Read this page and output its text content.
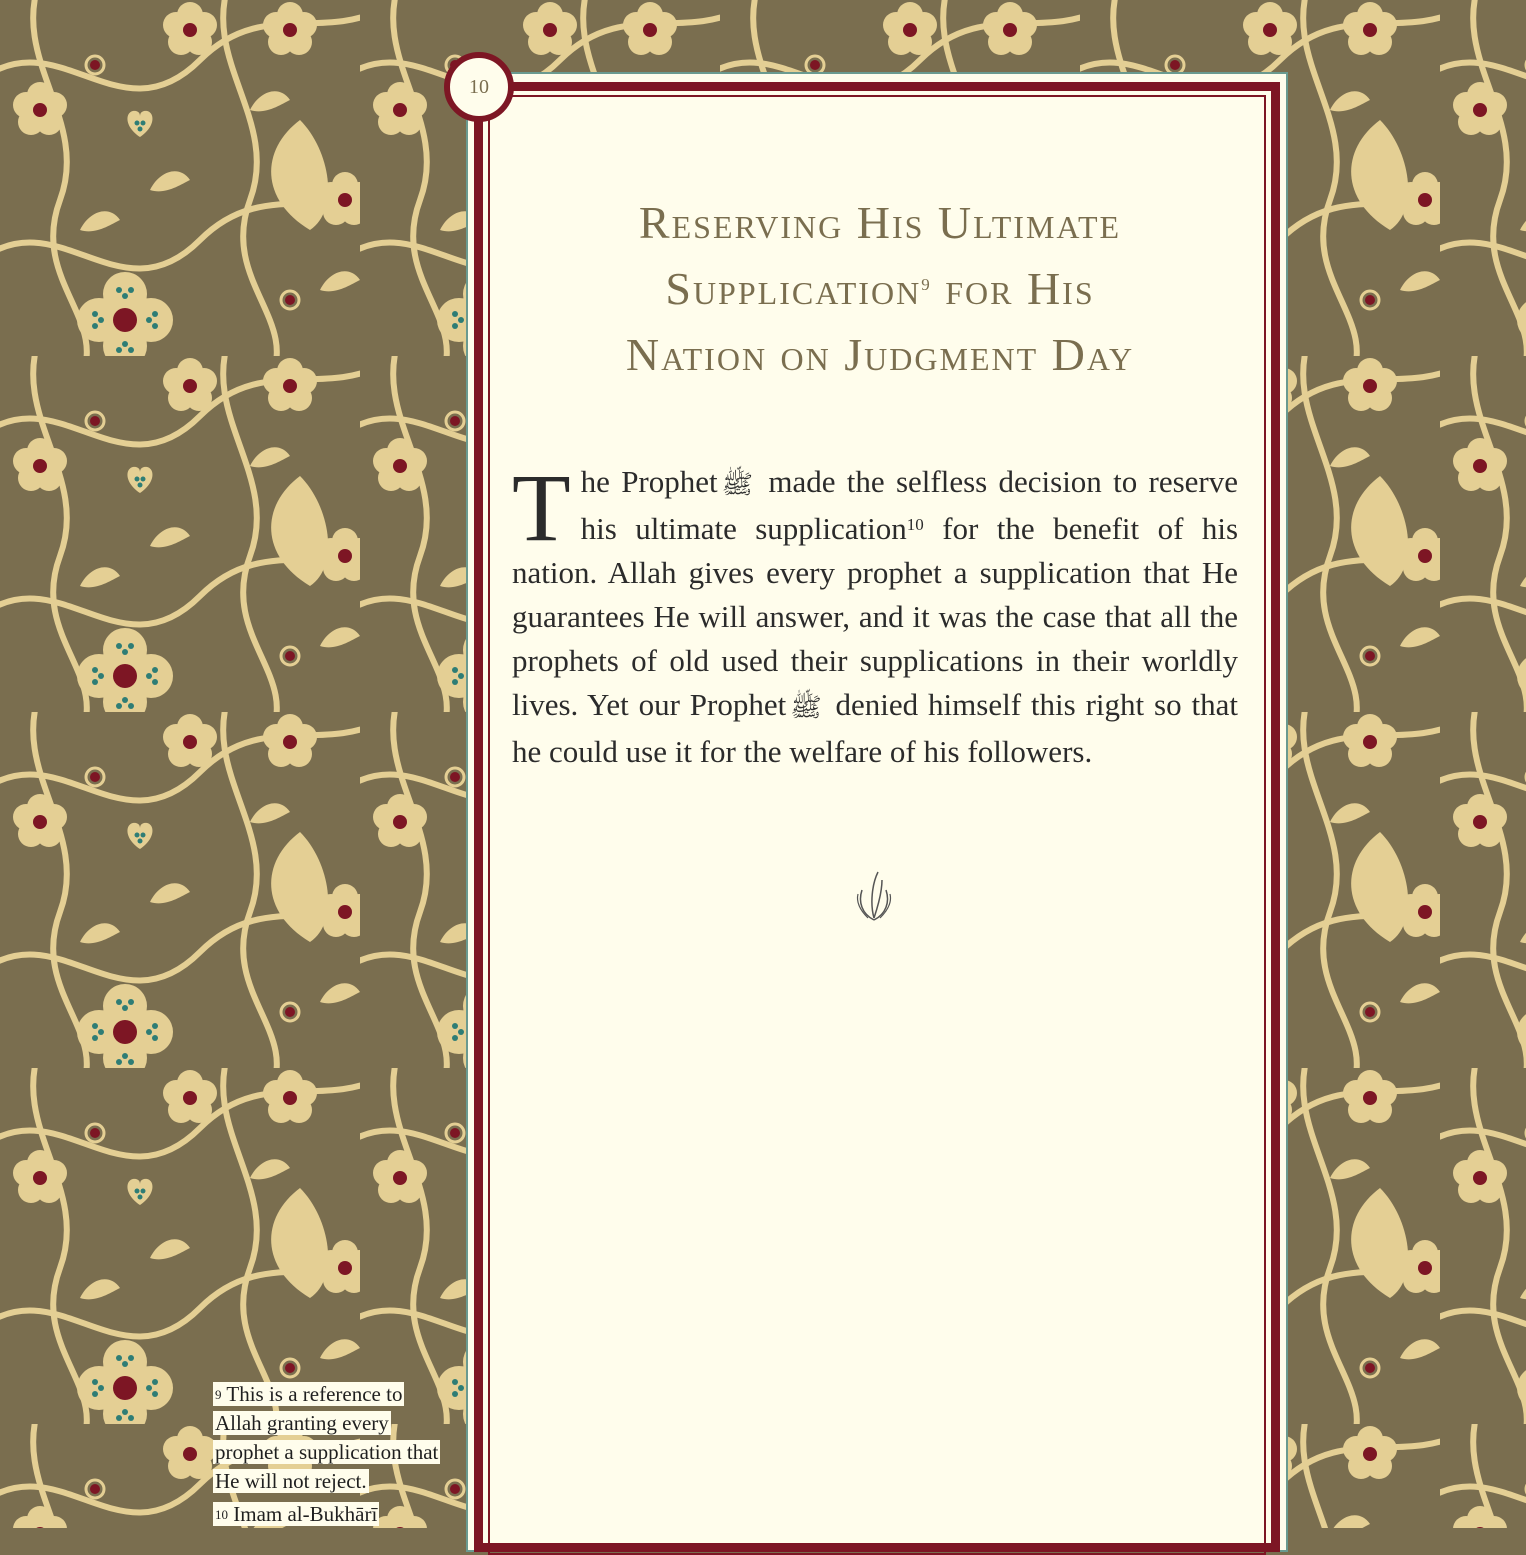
10

Reserving His Ultimate

Supplication$^9$ for His

Nation on Judgment Day

The Prophet ﷺ made the selfless decision to reserve his ultimate supplication$^{10}$ for the benefit of his nation. Allah gives every prophet a supplication that He guarantees He will answer, and it was the case that all the prophets of old used their supplications in their worldly lives. Yet our Prophet ﷺ denied himself this right so that he could use it for the welfare of his followers.

$^9$ This is a reference to Allah granting every prophet a supplication that He will not reject.

$^{10}$ Imam al-Bukhārī
